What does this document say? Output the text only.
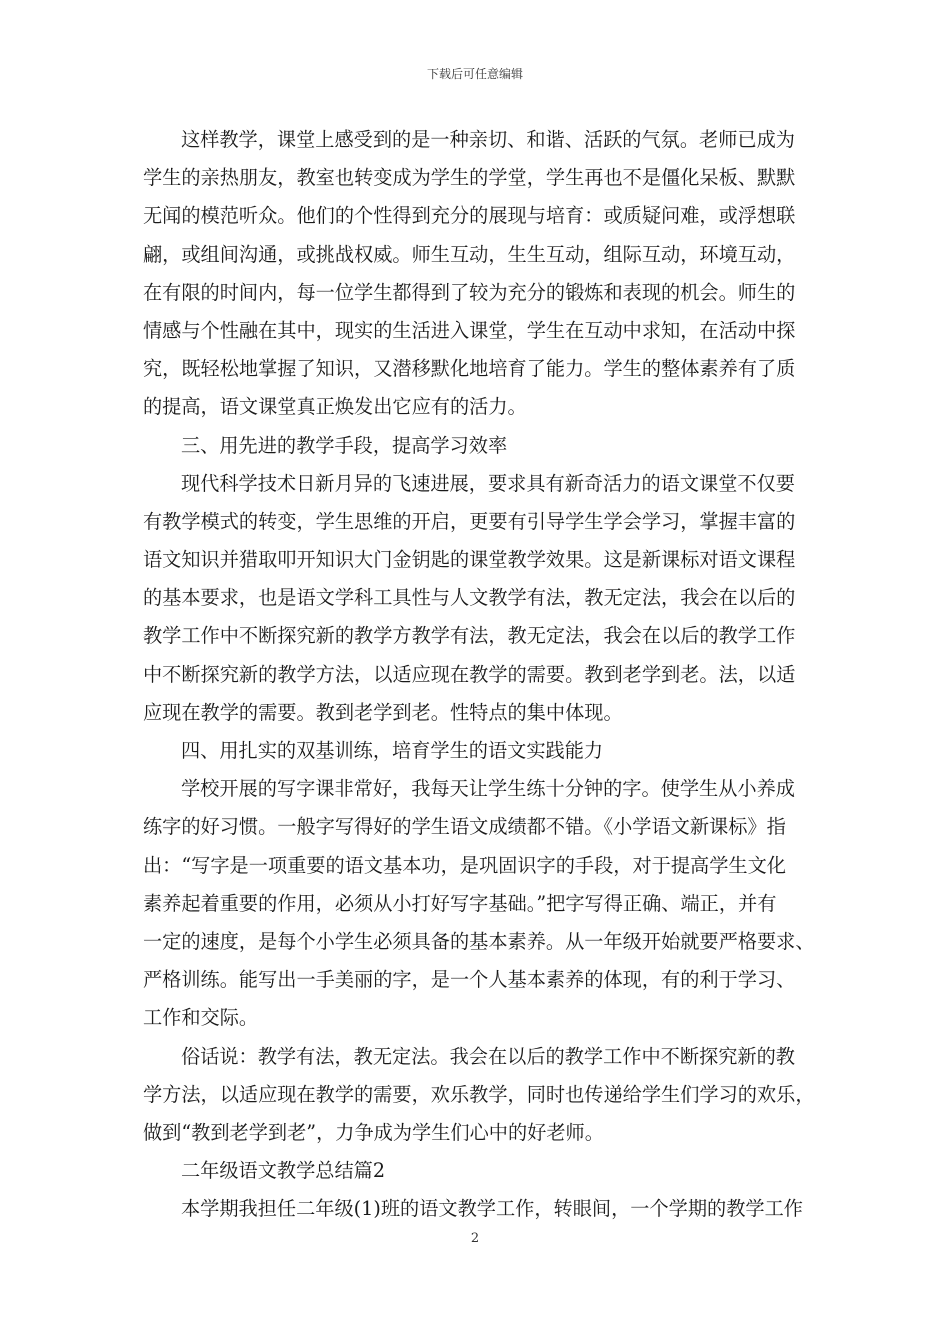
下载后可任意编辑
这样教学，课堂上感受到的是一种亲切、和谐、活跃的气氛。老师已成为
学生的亲热朋友，教室也转变成为学生的学堂，学生再也不是僵化呆板、默默
无闻的模范听众。他们的个性得到充分的展现与培育：或质疑问难，或浮想联
翩，或组间沟通，或挑战权威。师生互动，生生互动，组际互动，环境互动，
在有限的时间内，每一位学生都得到了较为充分的锻炼和表现的机会。师生的
情感与个性融在其中，现实的生活进入课堂，学生在互动中求知，在活动中探
究，既轻松地掌握了知识，又潜移默化地培育了能力。学生的整体素养有了质
的提高，语文课堂真正焕发出它应有的活力。
三、用先进的教学手段，提高学习效率
现代科学技术日新月异的飞速进展，要求具有新奇活力的语文课堂不仅要
有教学模式的转变，学生思维的开启，更要有引导学生学会学习，掌握丰富的
语文知识并猎取叩开知识大门金钥匙的课堂教学效果。这是新课标对语文课程
的基本要求，也是语文学科工具性与人文教学有法，教无定法，我会在以后的
教学工作中不断探究新的教学方教学有法，教无定法，我会在以后的教学工作
中不断探究新的教学方法，以适应现在教学的需要。教到老学到老。法，以适
应现在教学的需要。教到老学到老。性特点的集中体现。
四、用扎实的双基训练，培育学生的语文实践能力
学校开展的写字课非常好，我每天让学生练十分钟的字。使学生从小养成
练字的好习惯。一般字写得好的学生语文成绩都不错。《小学语文新课标》指
出：“写字是一项重要的语文基本功，是巩固识字的手段，对于提高学生文化
素养起着重要的作用，必须从小打好写字基础。”把字写得正确、端正，并有
一定的速度，是每个小学生必须具备的基本素养。从一年级开始就要严格要求、
严格训练。能写出一手美丽的字，是一个人基本素养的体现，有的利于学习、
工作和交际。
俗话说：教学有法，教无定法。我会在以后的教学工作中不断探究新的教
学方法，以适应现在教学的需要，欢乐教学，同时也传递给学生们学习的欢乐，
做到“教到老学到老”，力争成为学生们心中的好老师。
二年级语文教学总结篇2
本学期我担任二年级(1)班的语文教学工作，转眼间，一个学期的教学工作
2
